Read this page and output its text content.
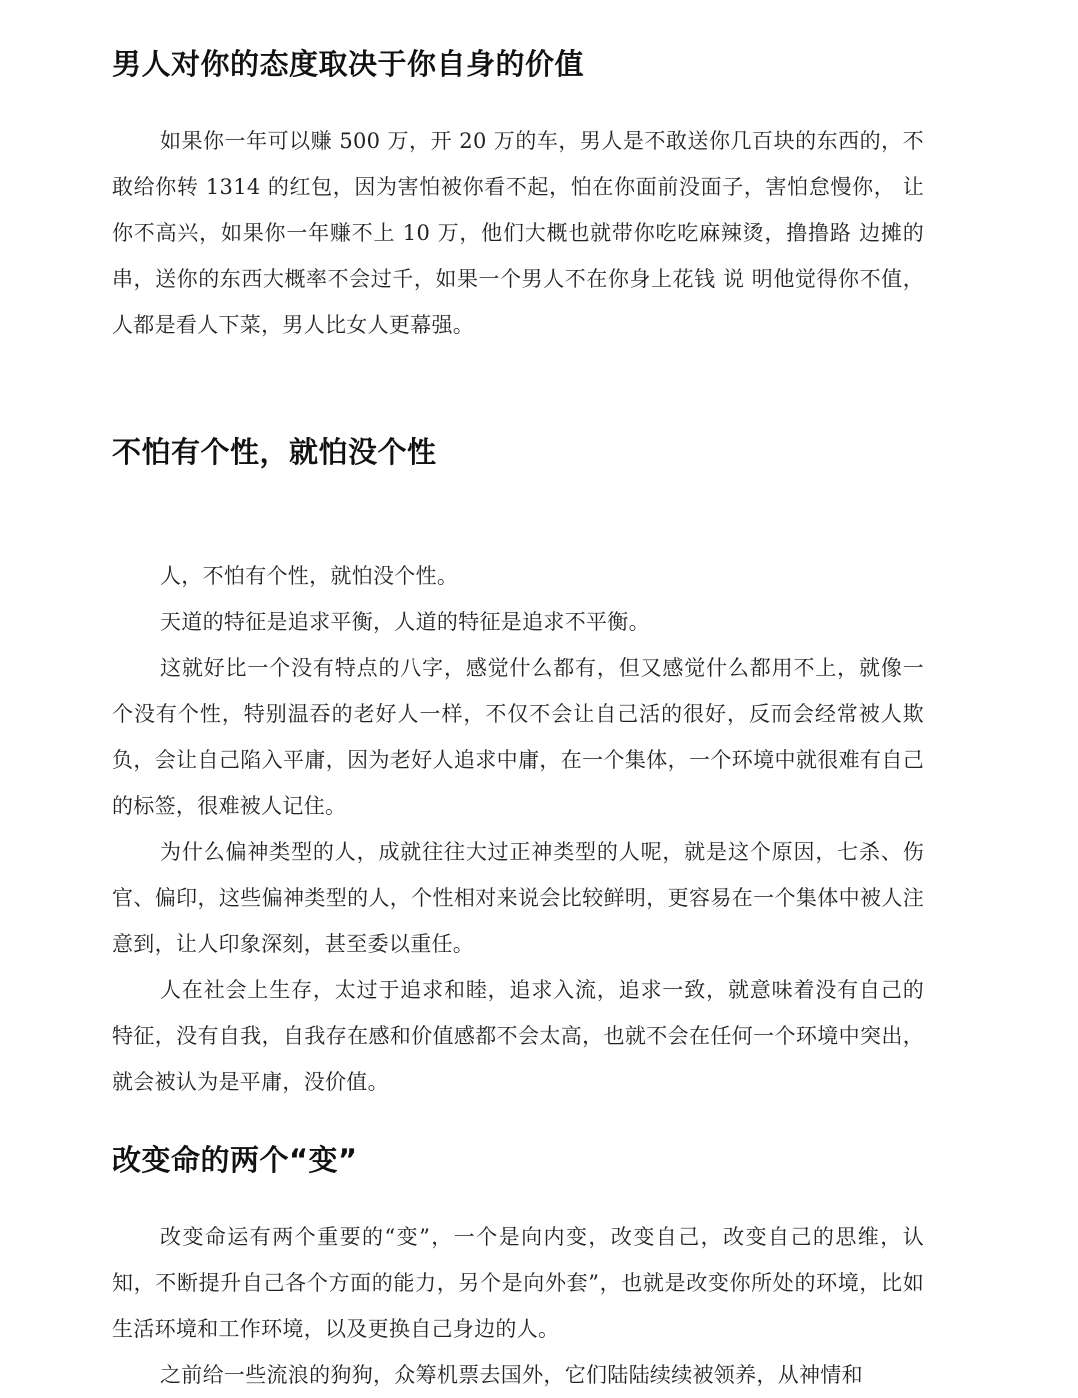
男人对你的态度取决于你自身的价值

如果你一年可以赚 500 万，开 20 万的车，男人是不敢送你几百块的东西的，不敢给你转 1314 的红包，因为害怕被你看不起，怕在你面前没面子，害怕怠慢你， 让你不高兴，如果你一年赚不上 10 万，他们大概也就带你吃吃麻辣烫，撸撸路 边摊的串，送你的东西大概率不会过千，如果一个男人不在你身上花钱 说 明他觉得你不值，人都是看人下菜，男人比女人更幕强。

不怕有个性，就怕没个性

人，不怕有个性，就怕没个性。

天道的特征是追求平衡，人道的特征是追求不平衡。

这就好比一个没有特点的八字，感觉什么都有，但又感觉什么都用不上，就像一个没有个性，特别温吞的老好人一样，不仅不会让自己活的很好，反而会经常被人欺负，会让自己陷入平庸，因为老好人追求中庸，在一个集体，一个环境中就很难有自己的标签，很难被人记住。

为什么偏神类型的人，成就往往大过正神类型的人呢，就是这个原因，七杀、伤官、偏印，这些偏神类型的人，个性相对来说会比较鲜明，更容易在一个集体中被人注意到，让人印象深刻，甚至委以重任。

人在社会上生存，太过于追求和睦，追求入流，追求一致，就意味着没有自己的特征，没有自我，自我存在感和价值感都不会太高，也就不会在任何一个环境中突出，就会被认为是平庸，没价值。

改变命的两个“变”

改变命运有两个重要的“变”，一个是向内变，改变自己，改变自己的思维，认知，不断提升自己各个方面的能力，另个是向外套”，也就是改变你所处的环境，比如生活环境和工作环境，以及更换自己身边的人。

之前给一些流浪的狗狗，众筹机票去国外，它们陆陆续续被领养，从神情和
